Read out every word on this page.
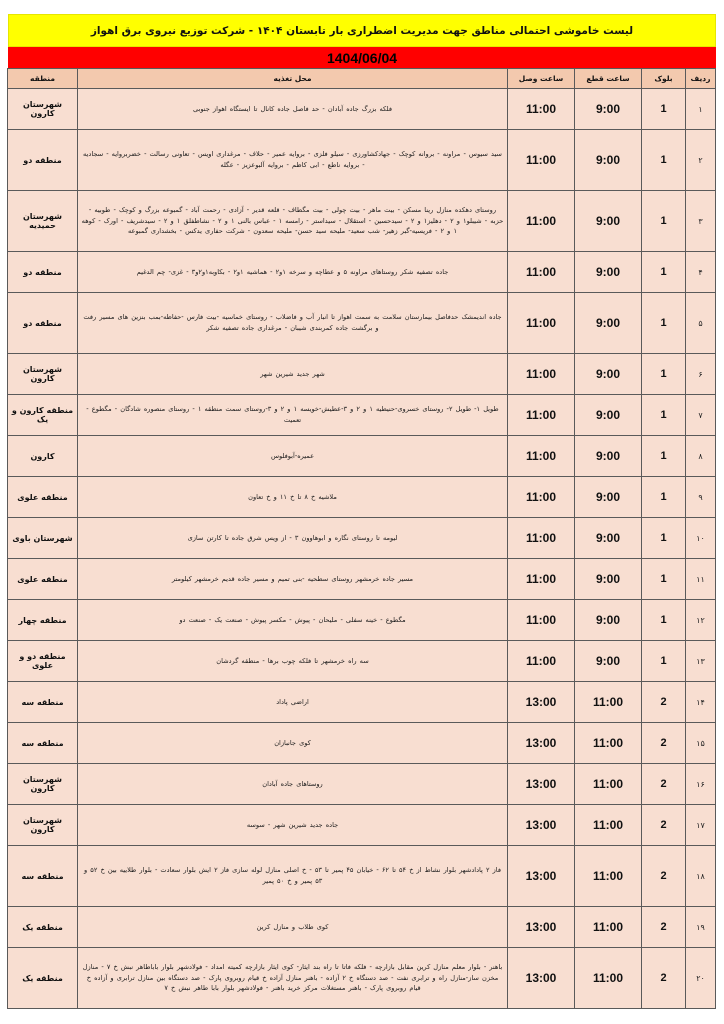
لیست خاموشی احتمالی مناطق جهت مدیریت اضطراری بار تابستان ۱۴۰۴ - شرکت توزیع نیروی برق اهواز
1404/06/04
ردیف	بلوک	ساعت قطع	ساعت وصل	محل تغذیه	منطقه
۱	1	9:00	11:00	فلکه بزرگ جاده آبادان - حد فاصل جاده کانال تا ایستگاه اهواز جنوبی	شهرستان کارون
۲	1	9:00	11:00	سید سیوس - مراونه - بروانه کوچک - جهادکشاورزی - سیلو فلزی - بروایه عمیر - حلاف - مرغداری اویس - تعاونی رسالت - خضربروایه - سجادیه - بروایه ناطع - ابی کاظم - بروایه آلبوعزیز - عگله	منطقه دو
۳	1	9:00	11:00	روستای دهکده منازل رینا مسکن - بیت ماهر - بیت چولی - بیت مگطاف - قلعه قدیر - آزادی - رحمت آباد - گمبوعه بزرگ و کوچک - طوبیه - حزبه - شیبلو۱ و ۲ - دهلیز۱ و ۲ - سیدحسین - استقلال - سیداستر - رامسه ۱ - عباس بالنی ۱ و ۲ - نشاطفلق ۱ و ۲ - سیدشریف - اورک - کوهه ۱ و ۲ - فریسیه-گبر زهیر- شب سعید- ملیحه سید حسن- ملیحه سعدون - شرکت حفاری یدکس - بخشداری گمبوعه	شهرستان حمیدیه
۴	1	9:00	11:00	جاده تصفیه شکر روستاهای مراونه ۵ و عطاچه و سرخه ۱و۲ - هماشیه ۱و۲ - بکاوبه۱و۲و۳ - غزی- چم الدغیم	منطقه دو
۵	1	9:00	11:00	جاده اندیمشک حدفاصل بیمارستان سلامت به سمت اهواز تا انبار آب و فاضلاب - روستای خماسیه -بیت فارس -حفاظه-بمب بنزین های مسیر رفت و برگشت جاده کمربندی شیبان - مرغداری جاده تصفیه شکر	منطقه دو
۶	1	9:00	11:00	شهر جدید شیرین شهر	شهرستان کارون
۷	1	9:00	11:00	طویل ۱- طویل ۲- روستای خسروی-حنیطیه ۱ و ۲ و ۳-عطیش-خویسه ۱ و ۲ و ۳-روستای سمت منطقه ۱ - روستای منصوره شادگان - مگطوع - تعمیت	منطقه کارون و یک
۸	1	9:00	11:00	عمیره-آبوفلوس	کارون
۹	1	9:00	11:00	ملاشیه خ ۸ تا خ ۱۱ و خ تعاون	منطقه علوی
۱۰	1	9:00	11:00	لیومه تا روستای نگاره و ابوهاوون ۳ - از ویس شرق جاده تا کارتن سازی	شهرستان باوی
۱۱	1	9:00	11:00	مسیر جاده خرمشهر روستای سطحیه -بنی تمیم و مسیر جاده قدیم خرمشهر کیلومتر	منطقه علوی
۱۲	1	9:00	11:00	مگطوع - خینه سفلی - ملیحان - پیوش - مکسر پیوش - صنعت یک - صنعت دو	منطقه چهار
۱۳	1	9:00	11:00	سه راه خرمشهر تا فلکه چوب بر‌ها - منطقه گردشان	منطقه دو و علوی
۱۴	2	11:00	13:00	اراضی پاداد	منطقه سه
۱۵	2	11:00	13:00	کوی جانبازان	منطقه سه
۱۶	2	11:00	13:00	روستاهای جاده آبادان	شهرستان کارون
۱۷	2	11:00	13:00	جاده جدید شیرین شهر - سوسه	شهرستان کارون
۱۸	2	11:00	13:00	فاز ۲ پادادشهر بلوار نشاط از خ ۵۴ تا ۶۲ - خیابان ۴۵ پمیر تا ۵۳ - خ اصلی منازل لوله سازی فاز ۲ ایش بلوار سعادت - بلوار طلاییه بین خ ۵۲ و ۵۳ پمیر و خ ۵۰ پمیر	منطقه سه
۱۹	2	11:00	13:00	کوی طلاب و منازل کرین	منطقه یک
۲۰	2	11:00	13:00	باهنر - بلوار معلم منازل کرین مقابل بازارچه - فلکه فاتا تا راه بند ایثار- کوی ایثار بازارچه کمیته امداد - فولادشهر بلوار باباطاهر نبش خ ۷ - منازل مخزن ساز-منازل راه و ترابری نفت - صد دستگاه خ ۲ آزاده - باهنر منازل آزاده خ قیام روبروی پارک - صد دستگاه بین منازل ترابری و آزاده خ قیام روبروی پارک - باهنر مستغلات مرکز خرید باهنر - فولادشهر بلوار بابا طاهر نبش خ ۷	منطقه یک
